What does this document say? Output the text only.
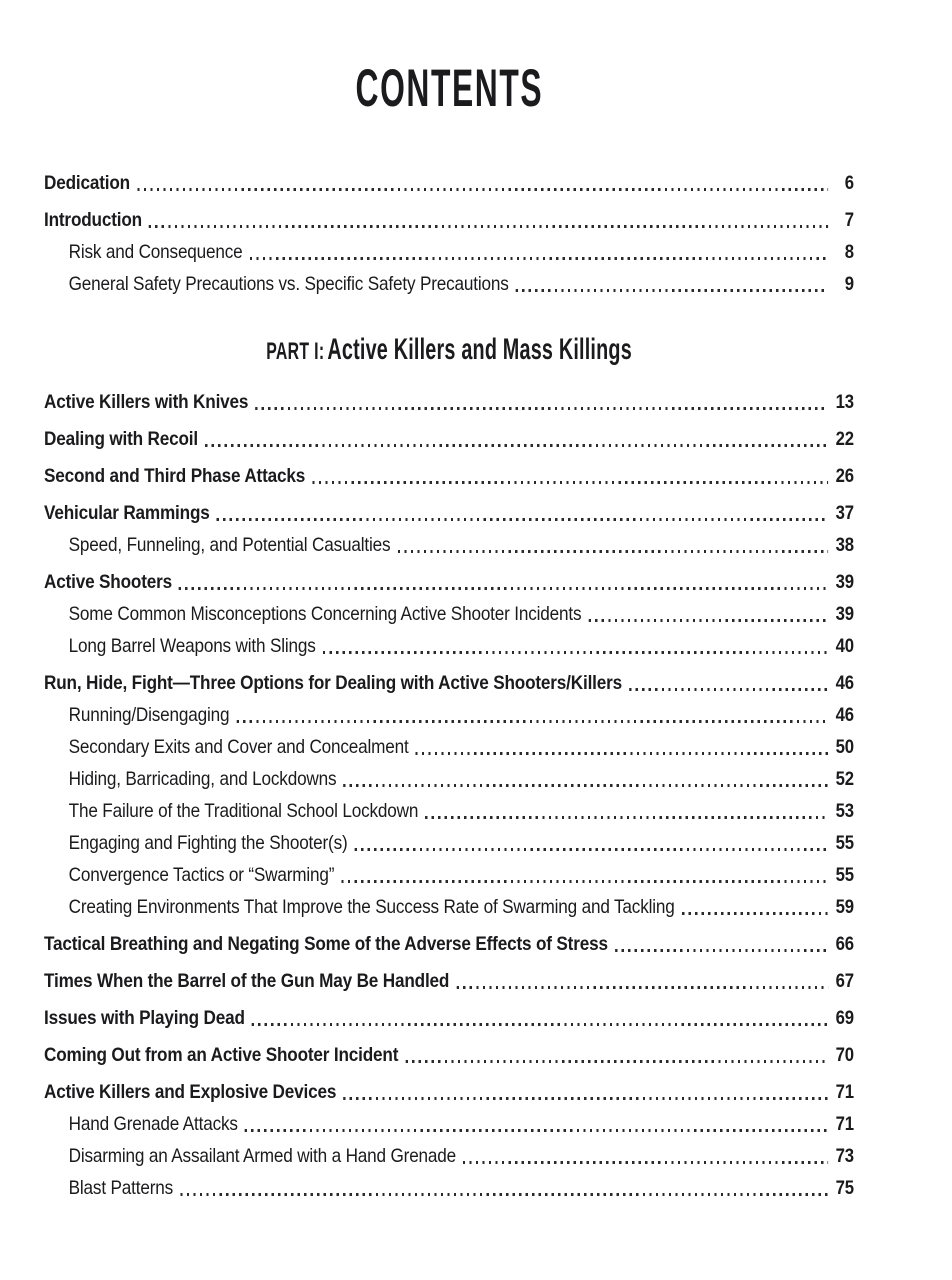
CONTENTS
Dedication	6
Introduction	7
Risk and Consequence	8
General Safety Precautions vs. Specific Safety Precautions	9
PART I: Active Killers and Mass Killings
Active Killers with Knives	13
Dealing with Recoil	22
Second and Third Phase Attacks	26
Vehicular Rammings	37
Speed, Funneling, and Potential Casualties	38
Active Shooters	39
Some Common Misconceptions Concerning Active Shooter Incidents	39
Long Barrel Weapons with Slings	40
Run, Hide, Fight—Three Options for Dealing with Active Shooters/Killers	46
Running/Disengaging	46
Secondary Exits and Cover and Concealment	50
Hiding, Barricading, and Lockdowns	52
The Failure of the Traditional School Lockdown	53
Engaging and Fighting the Shooter(s)	55
Convergence Tactics or “Swarming”	55
Creating Environments That Improve the Success Rate of Swarming and Tackling	59
Tactical Breathing and Negating Some of the Adverse Effects of Stress	66
Times When the Barrel of the Gun May Be Handled	67
Issues with Playing Dead	69
Coming Out from an Active Shooter Incident	70
Active Killers and Explosive Devices	71
Hand Grenade Attacks	71
Disarming an Assailant Armed with a Hand Grenade	73
Blast Patterns	75
